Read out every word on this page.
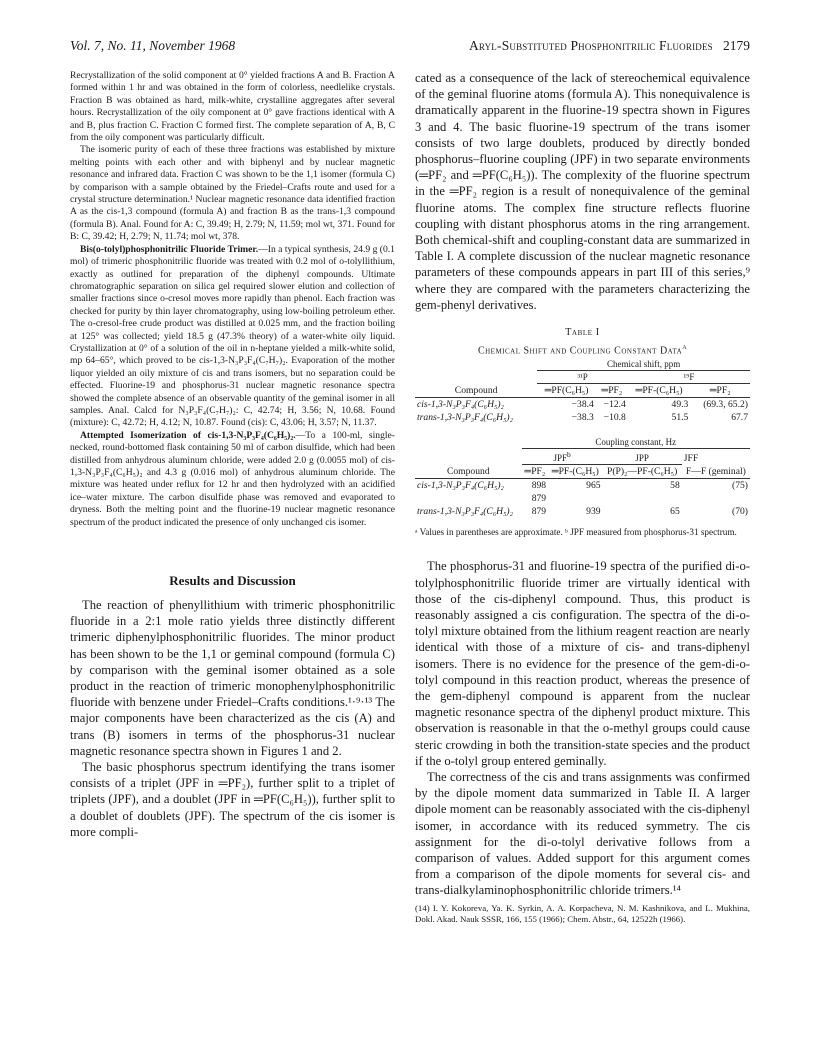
Vol. 7, No. 11, November 1968	Aryl-Substituted Phosphonitrilic Fluorides 2179

Recrystallization of the solid component at 0° yielded fractions A and B. Fraction A formed within 1 hr and was obtained in the form of colorless, needlelike crystals. Fraction B was obtained as hard, milk-white, crystalline aggregates after several hours. Recrystallization of the oily component at 0° gave fractions identical with A and B, plus fraction C. Fraction C formed first. The complete separation of A, B, C from the oily component was particularly difficult.

The isomeric purity of each of these three fractions was established by mixture melting points with each other and with biphenyl and by nuclear magnetic resonance and infrared data. Fraction C was shown to be the 1,1 isomer (formula C) by comparison with a sample obtained by the Friedel–Crafts route and used for a crystal structure determination.¹ Nuclear magnetic resonance data identified fraction A as the cis-1,3 compound (formula A) and fraction B as the trans-1,3 compound (formula B). Anal. Found for A: C, 39.49; H, 2.79; N, 11.59; mol wt, 371. Found for B: C, 39.42; H, 2.79; N, 11.74; mol wt, 378.

Bis(o-tolyl)phosphonitrilic Fluoride Trimer.—In a typical synthesis, 24.9 g (0.1 mol) of trimeric phosphonitrilic fluoride was treated with 0.2 mol of o-tolyllithium, exactly as outlined for preparation of the diphenyl compounds. Ultimate chromatographic separation on silica gel required slower elution and collection of smaller fractions since o-cresol moves more rapidly than phenol. Each fraction was checked for purity by thin layer chromatography, using low-boiling petroleum ether. The o-cresol-free crude product was distilled at 0.025 mm, and the fraction boiling at 125° was collected; yield 18.5 g (47.3% theory) of a water-white oily liquid. Crystallization at 0° of a solution of the oil in n-heptane yielded a milk-white solid, mp 64–65°, which proved to be cis-1,3-N₃P₃F₄(C₇H₇)₂. Evaporation of the mother liquor yielded an oily mixture of cis and trans isomers, but no separation could be effected. Fluorine-19 and phosphorus-31 nuclear magnetic resonance spectra showed the complete absence of an observable quantity of the geminal isomer in all samples. Anal. Calcd for N₃P₃F₄(C₇H₇)₂: C, 42.74; H, 3.56; N, 10.68. Found (mixture): C, 42.72; H, 4.12; N, 10.87. Found (cis): C, 43.06; H, 3.57; N, 11.37.

Attempted Isomerization of cis-1,3-N₃P₃F₄(C₆H₅)₂.—To a 100-ml, single-necked, round-bottomed flask containing 50 ml of carbon disulfide, which had been distilled from anhydrous aluminum chloride, were added 2.0 g (0.0055 mol) of cis-1,3-N₃P₃F₄(C₆H₅)₂ and 4.3 g (0.016 mol) of anhydrous aluminum chloride. The mixture was heated under reflux for 12 hr and then hydrolyzed with an acidified ice–water mixture. The carbon disulfide phase was removed and evaporated to dryness. Both the melting point and the fluorine-19 nuclear magnetic resonance spectrum of the product indicated the presence of only unchanged cis isomer.

Results and Discussion

The reaction of phenyllithium with trimeric phosphonitrilic fluoride in a 2:1 mole ratio yields three distinctly different trimeric diphenylphosphonitrilic fluorides. The minor product has been shown to be the 1,1 or geminal compound (formula C) by comparison with the geminal isomer obtained as a sole product in the reaction of trimeric monophenylphosphonitrilic fluoride with benzene under Friedel–Crafts conditions.¹·⁹·¹³ The major components have been characterized as the cis (A) and trans (B) isomers in terms of the phosphorus-31 nuclear magnetic resonance spectra shown in Figures 1 and 2.

The basic phosphorus spectrum identifying the trans isomer consists of a triplet (JPF in ═PF₂), further split to a triplet of triplets (JPF), and a doublet (JPF in ═PF(C₆H₅)), further split to a doublet of doublets (JPF). The spectrum of the cis isomer is more compli-

cated as a consequence of the lack of stereochemical equivalence of the geminal fluorine atoms (formula A). This nonequivalence is dramatically apparent in the fluorine-19 spectra shown in Figures 3 and 4. The basic fluorine-19 spectrum of the trans isomer consists of two large doublets, produced by directly bonded phosphorus–fluorine coupling (JPF) in two separate environments (═PF₂ and ═PF(C₆H₅)). The complexity of the fluorine spectrum in the ═PF₂ region is a result of nonequivalence of the geminal fluorine atoms. The complex fine structure reflects fluorine coupling with distant phosphorus atoms in the ring arrangement. Both chemical-shift and coupling-constant data are summarized in Table I. A complete discussion of the nuclear magnetic resonance parameters of these compounds appears in part III of this series,⁹ where they are compared with the parameters characterizing the gem-phenyl derivatives.

Table I
Chemical Shift and Coupling Constant Data$^a$
	Chemical shift, ppm			
	³¹P		¹⁹F	
Compound	═PF(C₆H₅)	═PF₂	═PF-(C₆H₅)	═PF₂
cis-1,3-N₃P₃F₄(C₆H₅)₂	−38.4	−12.4	49.3	(69.3, 65.2)
trans-1,3-N₃P₃F₄(C₆H₅)₂	−38.3	−10.8	51.5	67.7
	Coupling constant, Hz			
	JPF$^b$		JPP	JFF
Compound	═PF₂	═PF-(C₆H₅)	P(P)₂—PF-(C₆H₅)	F—F (geminal)
cis-1,3-N₃P₃F₄(C₆H₅)₂	898	965	58	(75)
	879			
trans-1,3-N₃P₃F₄(C₆H₅)₂	879	939	65	(70)
ᵃ Values in parentheses are approximate. ᵇ JPF measured from phosphorus-31 spectrum.

The phosphorus-31 and fluorine-19 spectra of the purified di-o-tolylphosphonitrilic fluoride trimer are virtually identical with those of the cis-diphenyl compound. Thus, this product is reasonably assigned a cis configuration. The spectra of the di-o-tolyl mixture obtained from the lithium reagent reaction are nearly identical with those of a mixture of cis- and trans-diphenyl isomers. There is no evidence for the presence of the gem-di-o-tolyl compound in this reaction product, whereas the presence of the gem-diphenyl compound is apparent from the nuclear magnetic resonance spectra of the diphenyl product mixture. This observation is reasonable in that the o-methyl groups could cause steric crowding in both the transition-state species and the product if the o-tolyl group entered geminally.

The correctness of the cis and trans assignments was confirmed by the dipole moment data summarized in Table II. A larger dipole moment can be reasonably associated with the cis-diphenyl isomer, in accordance with its reduced symmetry. The cis assignment for the di-o-tolyl derivative follows from a comparison of values. Added support for this argument comes from a comparison of the dipole moments for several cis- and trans-dialkylaminophosphonitrilic chloride trimers.¹⁴

(14) I. Y. Kokoreva, Ya. K. Syrkin, A. A. Korpacheva, N. M. Kashnikova, and L. Mukhina, Dokl. Akad. Nauk SSSR, 166, 155 (1966); Chem. Abstr., 64, 12522h (1966).
